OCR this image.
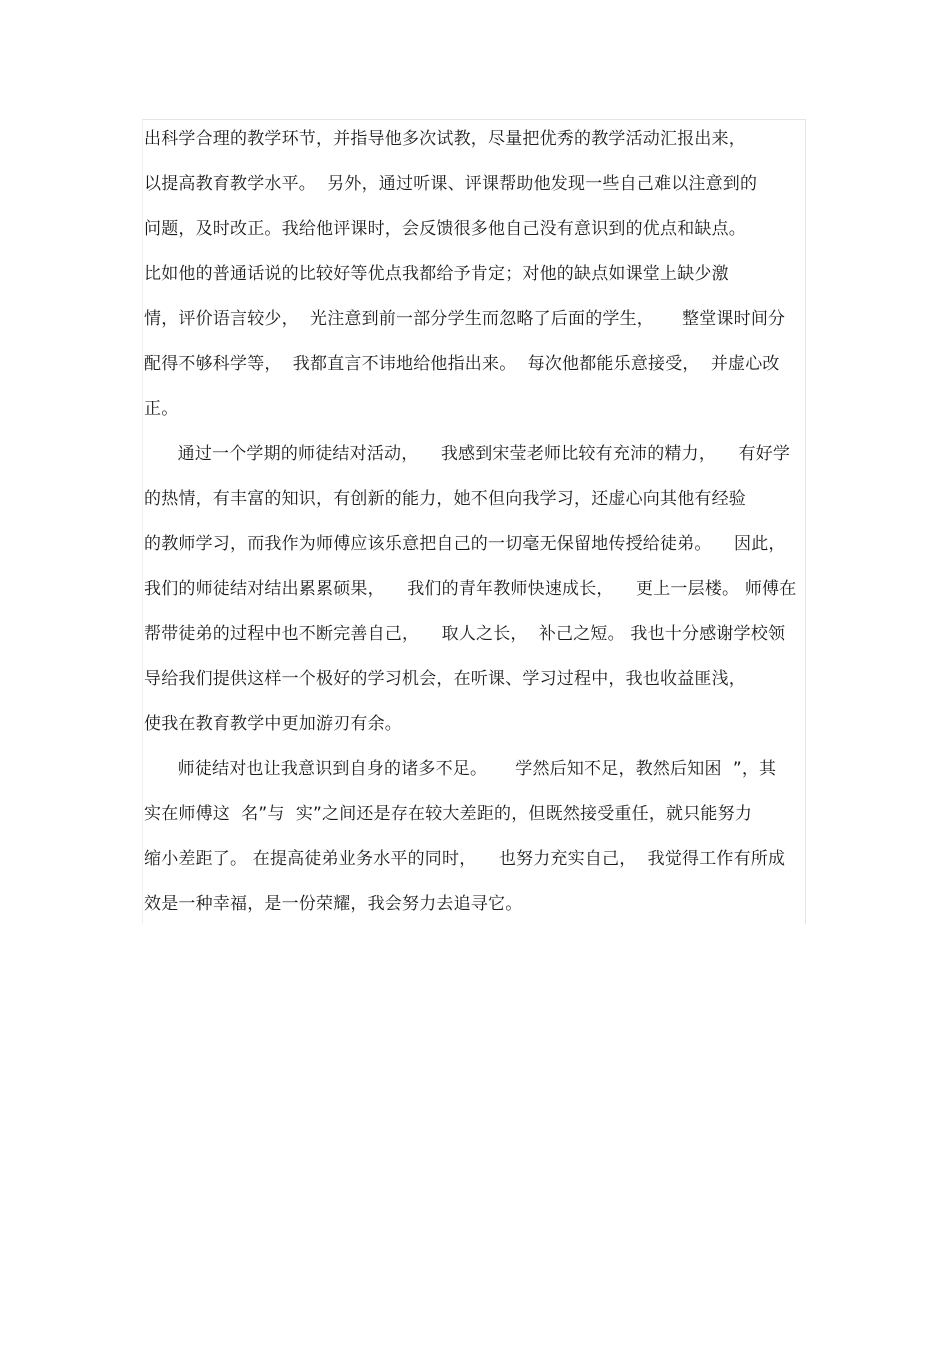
出科学合理的教学环节，并指导他多次试教，尽量把优秀的教学活动汇报出来，
以提高教育教学水平。  另外，通过听课、评课帮助他发现一些自己难以注意到的
问题，及时改正。我给他评课时，会反馈很多他自己没有意识到的优点和缺点。
比如他的普通话说的比较好等优点我都给予肯定；对他的缺点如课堂上缺少激
情，评价语言较少，  光注意到前一部分学生而忽略了后面的学生，     整堂课时间分
配得不够科学等，  我都直言不讳地给他指出来。  每次他都能乐意接受，  并虚心改
正。
通过一个学期的师徒结对活动，    我感到宋莹老师比较有充沛的精力，    有好学
的热情，有丰富的知识，有创新的能力，她不但向我学习，还虚心向其他有经验
的教师学习，而我作为师傅应该乐意把自己的一切毫无保留地传授给徒弟。    因此，
我们的师徒结对结出累累硕果，    我们的青年教师快速成长，    更上一层楼。 师傅在
帮带徒弟的过程中也不断完善自己，    取人之长，  补己之短。 我也十分感谢学校领
导给我们提供这样一个极好的学习机会，在听课、学习过程中，我也收益匪浅，
使我在教育教学中更加游刃有余。
师徒结对也让我意识到自身的诸多不足。     学然后知不足，教然后知困  ”，其
实在师傅这  名”与  实”之间还是存在较大差距的，但既然接受重任，就只能努力
缩小差距了。 在提高徒弟业务水平的同时，    也努力充实自己，  我觉得工作有所成
效是一种幸福，是一份荣耀，我会努力去追寻它。
